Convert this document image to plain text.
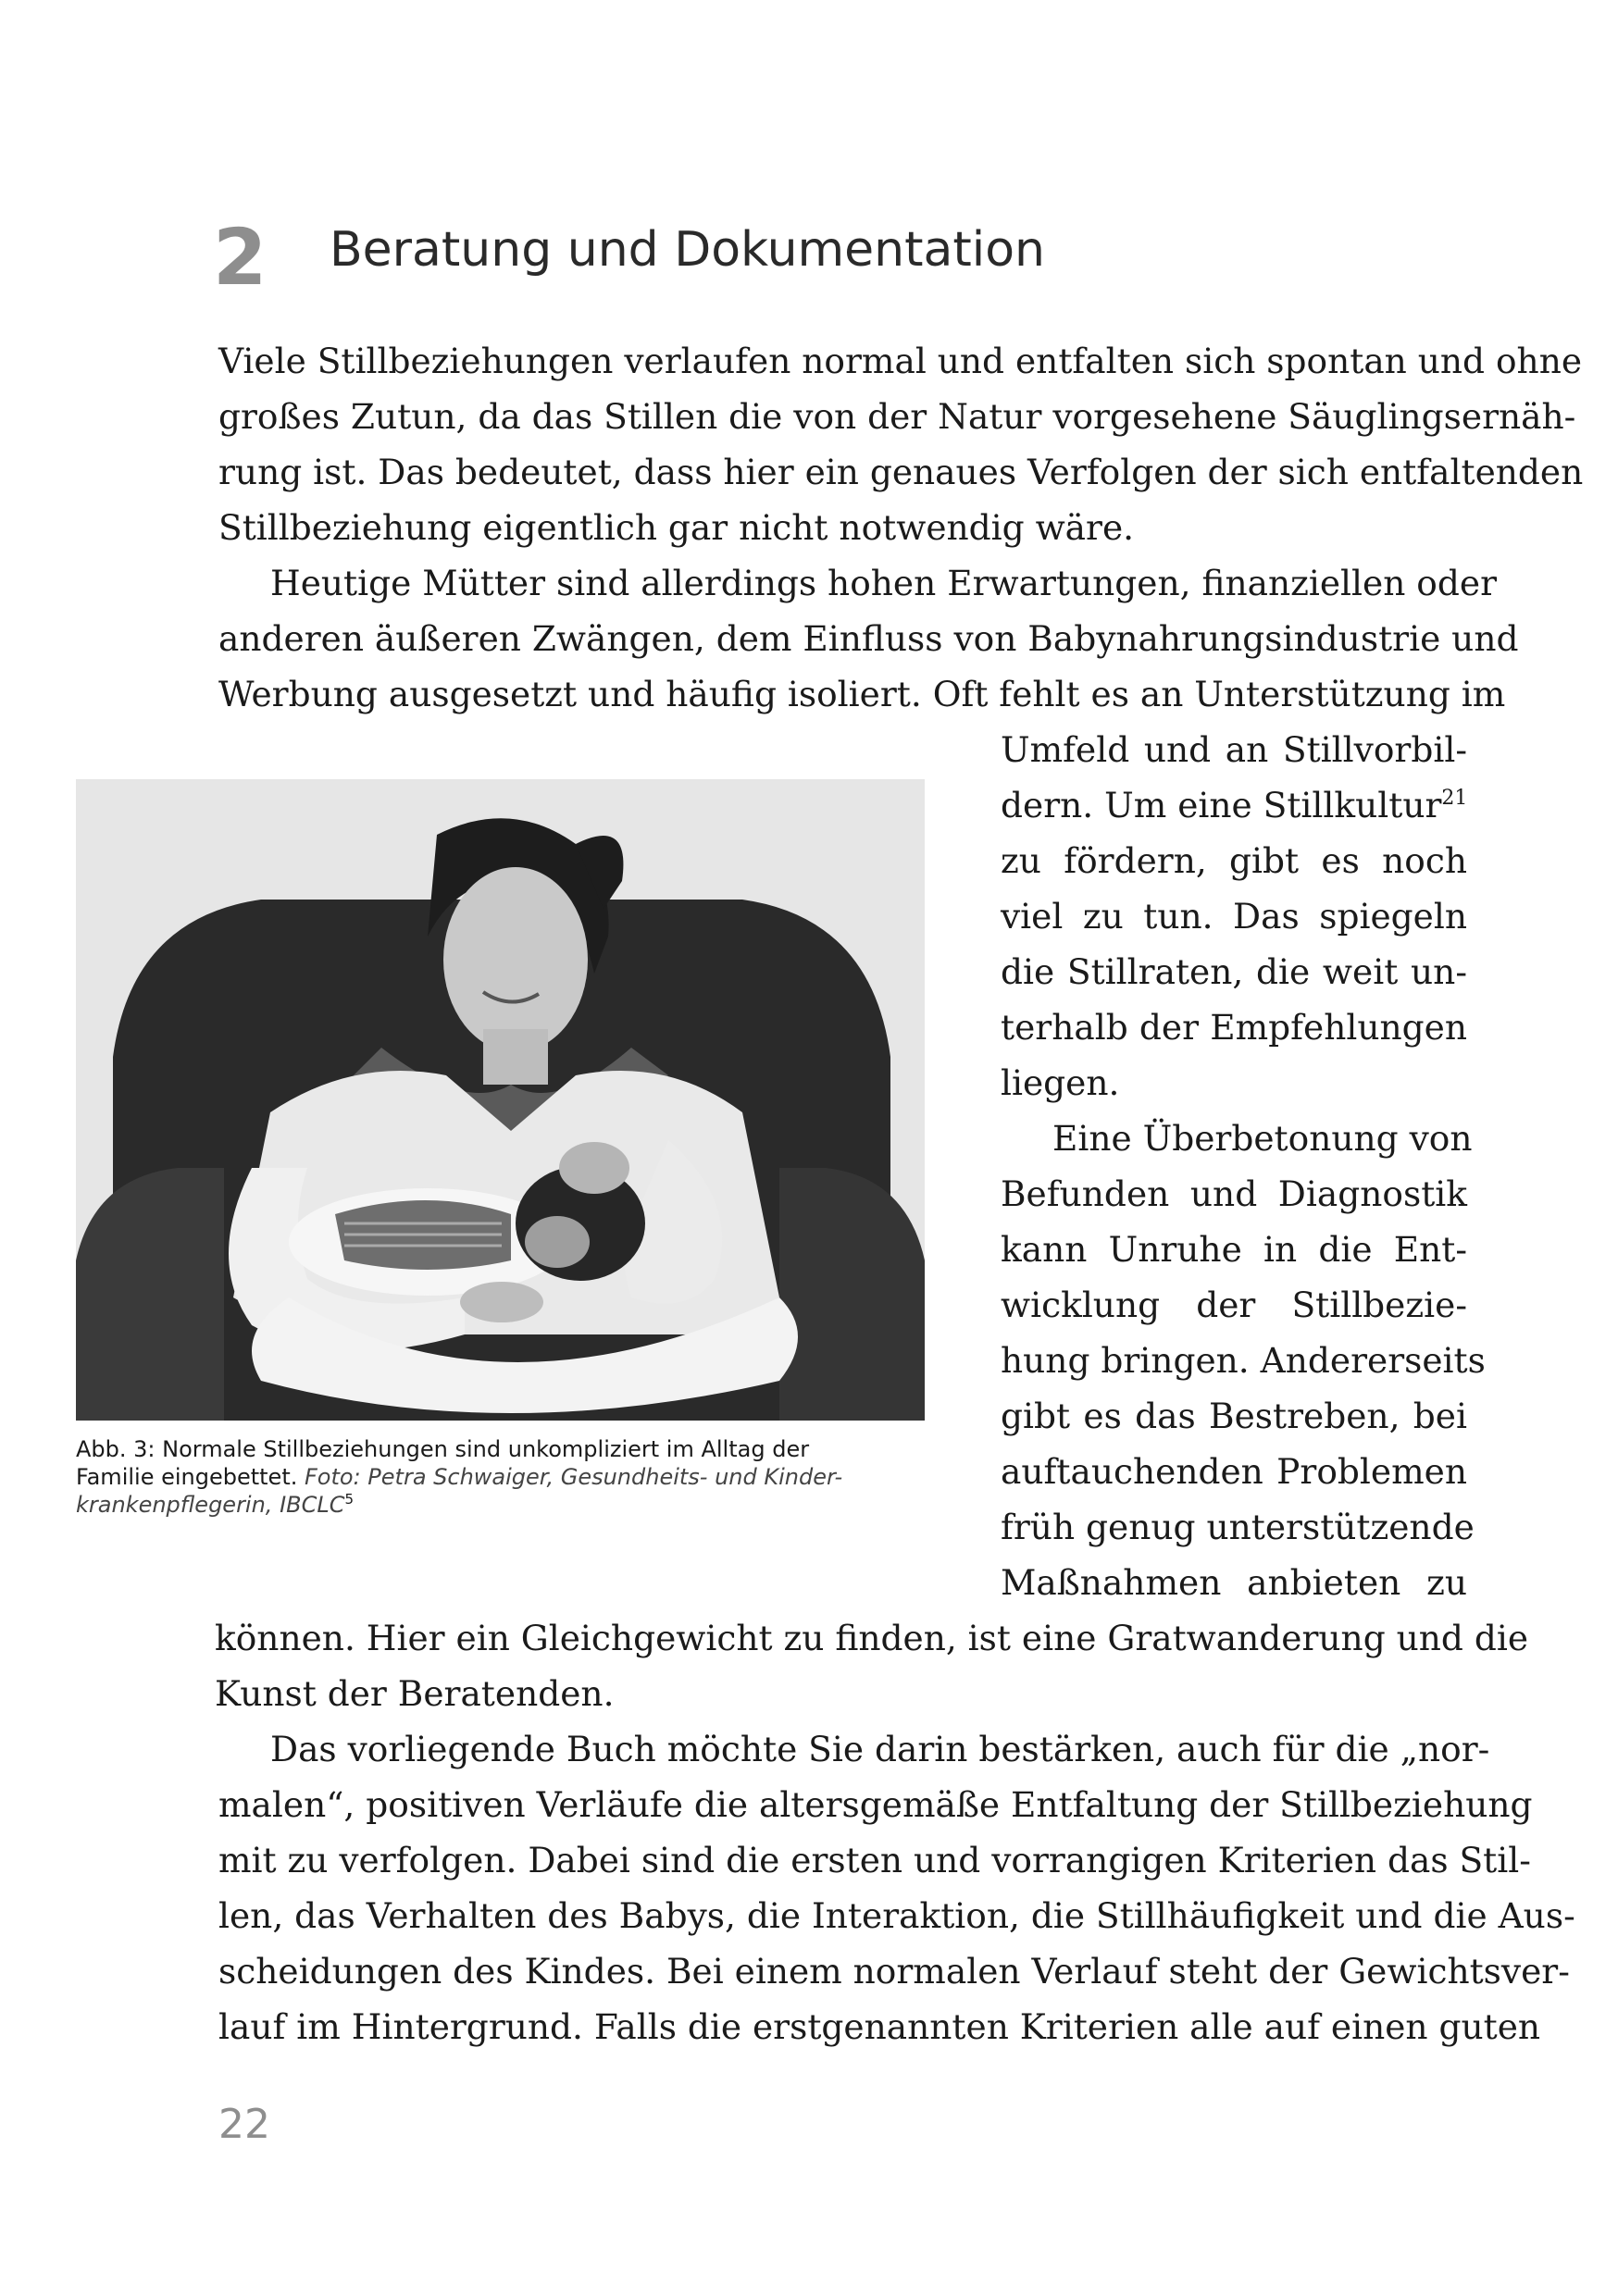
2 Beratung und Dokumentation

Viele Stillbeziehungen verlaufen normal und entfalten sich spontan und ohne

großes Zutun, da das Stillen die von der Natur vorgesehene Säuglingsernäh-

rung ist. Das bedeutet, dass hier ein genaues Verfolgen der sich entfaltenden

Stillbeziehung eigentlich gar nicht notwendig wäre.

Heutige Mütter sind allerdings hohen Erwartungen, finanziellen oder

anderen äußeren Zwängen, dem Einfluss von Babynahrungsindustrie und

Werbung ausgesetzt und häufig isoliert. Oft fehlt es an Unterstützung im

Umfeld und an Stillvorbil-

dern. Um eine Stillkultur$^{21}$

zu fördern, gibt es noch

viel zu tun. Das spiegeln

die Stillraten, die weit un-

terhalb der Empfehlungen

liegen.

Eine Überbetonung von

Befunden und Diagnostik

kann Unruhe in die Ent-

wicklung der Stillbezie-

hung bringen. Andererseits

gibt es das Bestreben, bei

auftauchenden Problemen

früh genug unterstützende

Maßnahmen anbieten zu

können. Hier ein Gleichgewicht zu finden, ist eine Gratwanderung und die

Kunst der Beratenden.

Das vorliegende Buch möchte Sie darin bestärken, auch für die „nor-

malen“, positiven Verläufe die altersgemäße Entfaltung der Stillbeziehung

mit zu verfolgen. Dabei sind die ersten und vorrangigen Kriterien das Stil-

len, das Verhalten des Babys, die Interaktion, die Stillhäufigkeit und die Aus-

scheidungen des Kindes. Bei einem normalen Verlauf steht der Gewichtsver-

lauf im Hintergrund. Falls die erstgenannten Kriterien alle auf einen guten

Abb. 3: Normale Stillbeziehungen sind unkompliziert im Alltag der

Familie eingebettet. Foto: Petra Schwaiger, Gesundheits- und Kinder-

krankenpflegerin, IBCLC$^5$

22
